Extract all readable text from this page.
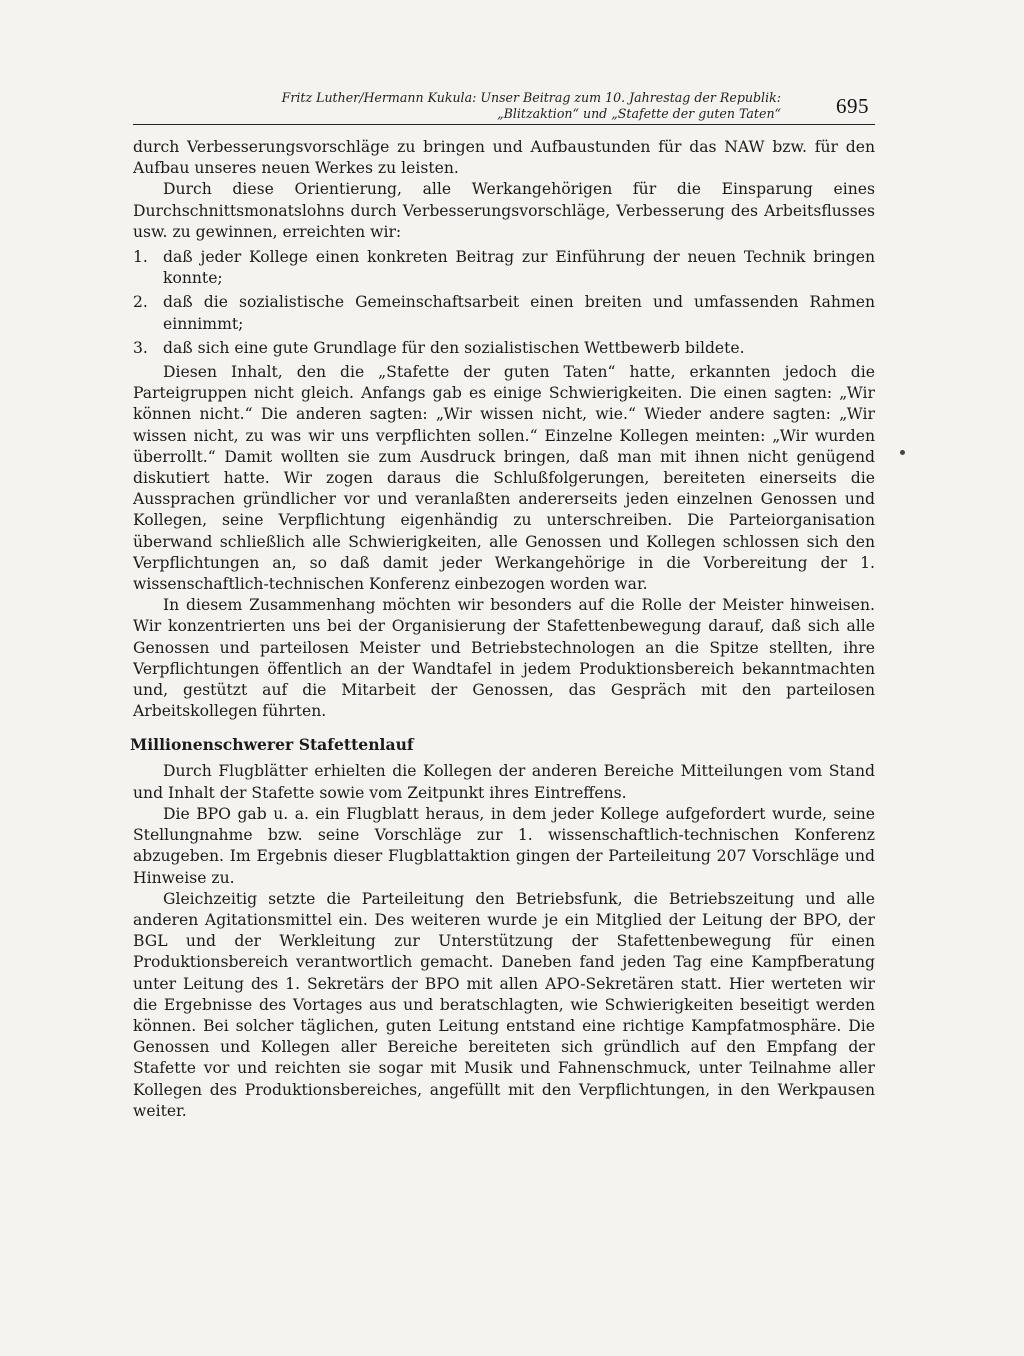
Fritz Luther/Hermann Kukula: Unser Beitrag zum 10. Jahrestag der Republik:
„Blitzaktion“ und „Stafette der guten Taten“	695

durch Verbesserungsvorschläge zu bringen und Aufbaustunden für das NAW bzw. für den Aufbau unseres neuen Werkes zu leisten.

Durch diese Orientierung, alle Werkangehörigen für die Einsparung eines Durchschnittsmonatslohns durch Verbesserungsvorschläge, Verbesserung des Arbeitsflusses usw. zu gewinnen, erreichten wir:

1. daß jeder Kollege einen konkreten Beitrag zur Einführung der neuen Technik bringen konnte;
2. daß die sozialistische Gemeinschaftsarbeit einen breiten und umfassenden Rahmen einnimmt;
3. daß sich eine gute Grundlage für den sozialistischen Wettbewerb bildete.

Diesen Inhalt, den die „Stafette der guten Taten“ hatte, erkannten jedoch die Parteigruppen nicht gleich. Anfangs gab es einige Schwierigkeiten. Die einen sagten: „Wir können nicht.“ Die anderen sagten: „Wir wissen nicht, wie.“ Wieder andere sagten: „Wir wissen nicht, zu was wir uns verpflichten sollen.“ Einzelne Kollegen meinten: „Wir wurden überrollt.“ Damit wollten sie zum Ausdruck bringen, daß man mit ihnen nicht genügend diskutiert hatte. Wir zogen daraus die Schlußfolgerungen, bereiteten einerseits die Aussprachen gründlicher vor und veranlaßten andererseits jeden einzelnen Genossen und Kollegen, seine Verpflichtung eigenhändig zu unterschreiben. Die Parteiorganisation überwand schließlich alle Schwierigkeiten, alle Genossen und Kollegen schlossen sich den Verpflichtungen an, so daß damit jeder Werkangehörige in die Vorbereitung der 1. wissenschaftlich-technischen Konferenz einbezogen worden war.

In diesem Zusammenhang möchten wir besonders auf die Rolle der Meister hinweisen. Wir konzentrierten uns bei der Organisierung der Stafettenbewegung darauf, daß sich alle Genossen und parteilosen Meister und Betriebstechnologen an die Spitze stellten, ihre Verpflichtungen öffentlich an der Wandtafel in jedem Produktionsbereich bekanntmachten und, gestützt auf die Mitarbeit der Genossen, das Gespräch mit den parteilosen Arbeitskollegen führten.

Millionenschwerer Stafettenlauf

Durch Flugblätter erhielten die Kollegen der anderen Bereiche Mitteilungen vom Stand und Inhalt der Stafette sowie vom Zeitpunkt ihres Eintreffens.

Die BPO gab u. a. ein Flugblatt heraus, in dem jeder Kollege aufgefordert wurde, seine Stellungnahme bzw. seine Vorschläge zur 1. wissenschaftlich-technischen Konferenz abzugeben. Im Ergebnis dieser Flugblattaktion gingen der Parteileitung 207 Vorschläge und Hinweise zu.

Gleichzeitig setzte die Parteileitung den Betriebsfunk, die Betriebszeitung und alle anderen Agitationsmittel ein. Des weiteren wurde je ein Mitglied der Leitung der BPO, der BGL und der Werkleitung zur Unterstützung der Stafettenbewegung für einen Produktionsbereich verantwortlich gemacht. Daneben fand jeden Tag eine Kampfberatung unter Leitung des 1. Sekretärs der BPO mit allen APO-Sekretären statt. Hier werteten wir die Ergebnisse des Vortages aus und beratschlagten, wie Schwierigkeiten beseitigt werden können. Bei solcher täglichen, guten Leitung entstand eine richtige Kampfatmosphäre. Die Genossen und Kollegen aller Bereiche bereiteten sich gründlich auf den Empfang der Stafette vor und reichten sie sogar mit Musik und Fahnenschmuck, unter Teilnahme aller Kollegen des Produktionsbereiches, angefüllt mit den Verpflichtungen, in den Werkpausen weiter.
